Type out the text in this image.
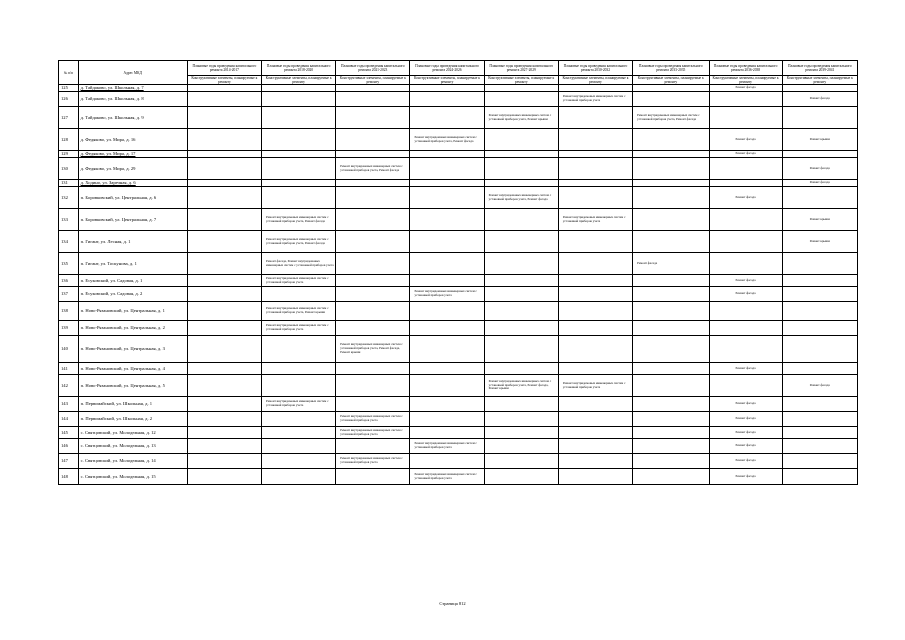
№ п/п	Адрес МКД	Плановые годы проведения капитального ремонта 2014-2017	Плановые годы проведения капитального ремонта 2018-2020	Плановые годы проведения капитального ремонта 2021-2023	Плановые годы проведения капитального ремонта 2024-2026	Плановые годы проведения капитального ремонта 2027-2029	Плановые годы проведения капитального ремонта 2030-2032	Плановые годы проведения капитального ремонта 2033-2035	Плановые годы проведения капитального ремонта 2036-2038	Плановые годы проведения капитального ремонта 2039-2041
		Конструктивные элементы, планируемые к ремонту	Конструктивные элементы, планируемые к ремонту	Конструктивные элементы, планируемые к ремонту	Конструктивные элементы, планируемые к ремонту	Конструктивные элементы, планируемые к ремонту	Конструктивные элементы, планируемые к ремонту	Конструктивные элементы, планируемые к ремонту	Конструктивные элементы, планируемые к ремонту	Конструктивные элементы, планируемые к ремонту
125	д. Тайдаково, ул. Школьная, д. 7								Ремонт фасада	
126	д. Тайдаково, ул. Школьная, д. 8						Ремонт внутридомовых инженерных систем с установкой приборов учета			Ремонт фасада
127	д. Тайдаково, ул. Школьная, д. 9					Ремонт внутридомовых инженерных систем с установкой приборов учета, Ремонт крыши		Ремонт внутридомовых инженерных систем с установкой приборов учета, Ремонт фасада		
128	д. Федяково, ул. Мира, д. 16				Ремонт внутридомовых инженерных систем с установкой приборов учета, Ремонт фасада				Ремонт фасада	Ремонт крыши
129	д. Федяково, ул. Мира, д. 17								Ремонт фасада	
130	д. Федяково, ул. Мира, д. 29			Ремонт внутридомовых инженерных систем с установкой приборов учета, Ремонт фасада						Ремонт фасада
131	д. Ходино, ул. Заречная, д. 6									Ремонт фасада
132	п. Боровковский, ул. Центральная, д. 6					Ремонт внутридомовых инженерных систем с установкой приборов учета, Ремонт фасада			Ремонт фасада	
133	п. Боровковский, ул. Центральная, д. 7		Ремонт внутридомовых инженерных систем с установкой приборов учета, Ремонт фасада				Ремонт внутридомовых инженерных систем с установкой приборов учета			Ремонт крыши
134	п. Гигант, ул. Лесная, д. 1		Ремонт внутридомовых инженерных систем с установкой приборов учета, Ремонт фасада							Ремонт крыши
135	п. Гигант, ул. Тоскунова, д. 1		Ремонт фасада, Ремонт внутридомовых инженерных систем с установкой приборов учета					Ремонт фасада		
136	п. Есуковский, ул. Садовая, д. 1		Ремонт внутридомовых инженерных систем с установкой приборов учета						Ремонт фасада	
137	п. Есуковский, ул. Садовая, д. 2				Ремонт внутридомовых инженерных систем с установкой приборов учета				Ремонт фасада	
138	п. Ново-Рязановский, ул. Центральная, д. 1		Ремонт внутридомовых инженерных систем с установкой приборов учета, Ремонт крыши							
139	п. Ново-Рязановский, ул. Центральная, д. 2		Ремонт внутридомовых инженерных систем с установкой приборов учета							
140	п. Ново-Рязановский, ул. Центральная, д. 3			Ремонт внутридомовых инженерных систем с установкой приборов учета, Ремонт фасада, Ремонт крыши						
141	п. Ново-Рязановский, ул. Центральная, д. 4								Ремонт фасада	
142	п. Ново-Рязановский, ул. Центральная, д. 5					Ремонт внутридомовых инженерных систем с установкой приборов учета, Ремонт фасада, Ремонт крыши	Ремонт внутридомовых инженерных систем с установкой приборов учета			Ремонт фасада
143	п. Первомайский, ул. Школьная, д. 1		Ремонт внутридомовых инженерных систем с установкой приборов учета						Ремонт фасада	
144	п. Первомайский, ул. Школьная, д. 2			Ремонт внутридомовых инженерных систем с установкой приборов учета					Ремонт фасада	
145	с. Святцовский, ул. Молодежная, д. 12			Ремонт внутридомовых инженерных систем с установкой приборов учета					Ремонт фасада	
146	с. Святцовский, ул. Молодежная, д. 13				Ремонт внутридомовых инженерных систем с установкой приборов учета				Ремонт фасада	
147	с. Святцовский, ул. Молодежная, д. 14			Ремонт внутридомовых инженерных систем с установкой приборов учета					Ремонт фасада	
148	с. Святцовский, ул. Молодежная, д. 15				Ремонт внутридомовых инженерных систем с установкой приборов учета				Ремонт фасада	
Страница 812
